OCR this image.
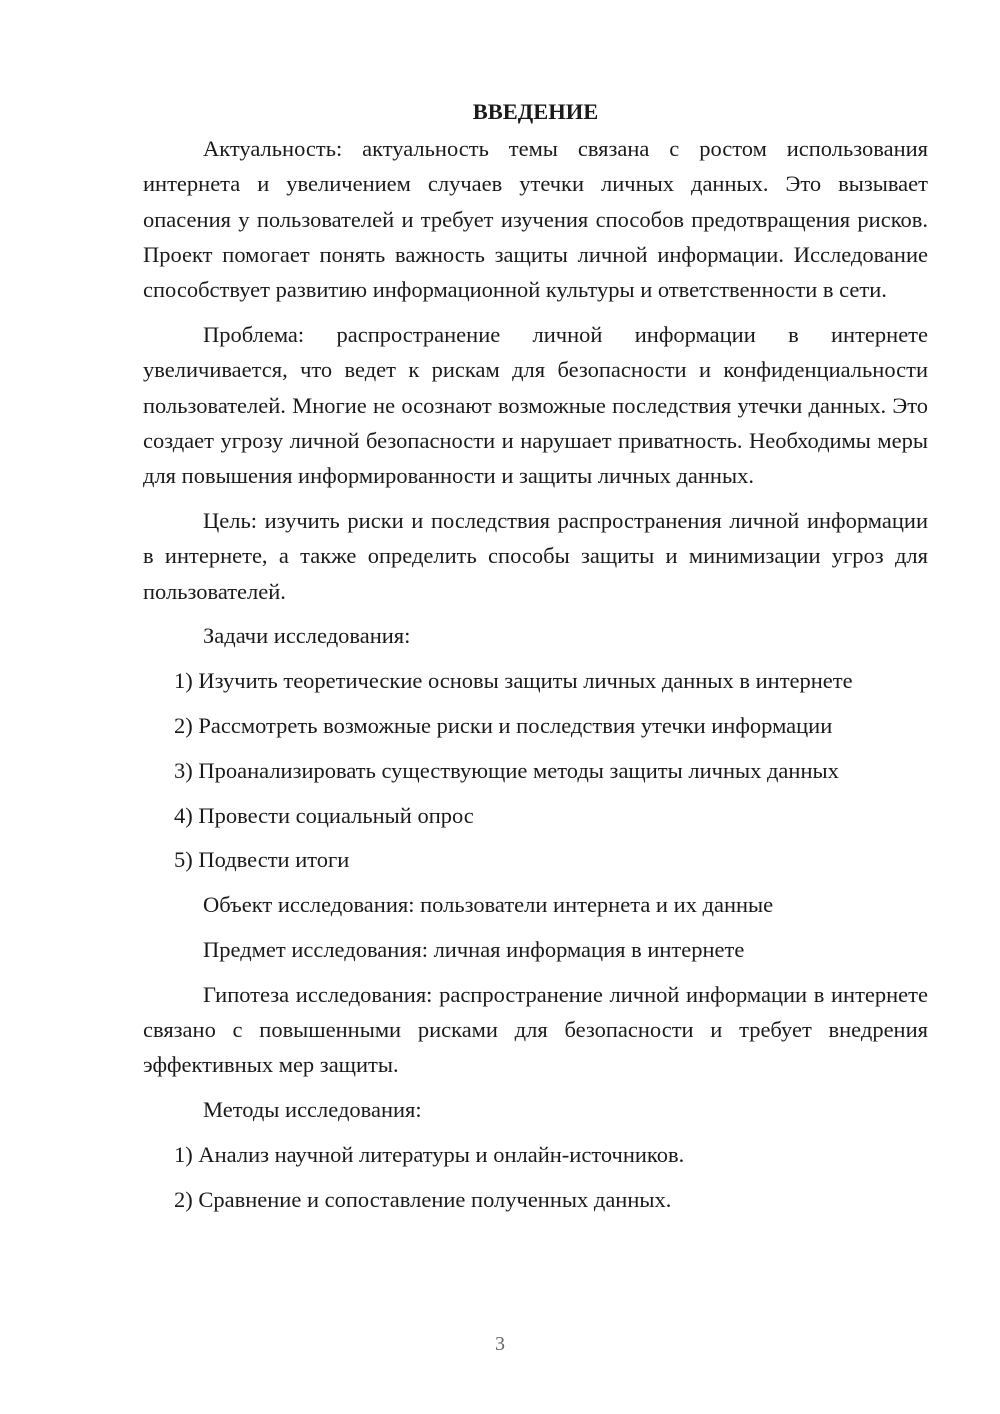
ВВЕДЕНИЕ
Актуальность: актуальность темы связана с ростом использования интернета и увеличением случаев утечки личных данных. Это вызывает опасения у пользователей и требует изучения способов предотвращения рисков. Проект помогает понять важность защиты личной информации. Исследование способствует развитию информационной культуры и ответственности в сети.
Проблема: распространение личной информации в интернете увеличивается, что ведет к рискам для безопасности и конфиденциальности пользователей. Многие не осознают возможные последствия утечки данных. Это создает угрозу личной безопасности и нарушает приватность. Необходимы меры для повышения информированности и защиты личных данных.
Цель: изучить риски и последствия распространения личной информации в интернете, а также определить способы защиты и минимизации угроз для пользователей.
Задачи исследования:
1) Изучить теоретические основы защиты личных данных в интернете
2) Рассмотреть возможные риски и последствия утечки информации
3) Проанализировать существующие методы защиты личных данных
4) Провести социальный опрос
5) Подвести итоги
Объект исследования: пользователи интернета и их данные
Предмет исследования: личная информация в интернете
Гипотеза исследования: распространение личной информации в интернете связано с повышенными рисками для безопасности и требует внедрения эффективных мер защиты.
Методы исследования:
1) Анализ научной литературы и онлайн-источников.
2) Сравнение и сопоставление полученных данных.
3
